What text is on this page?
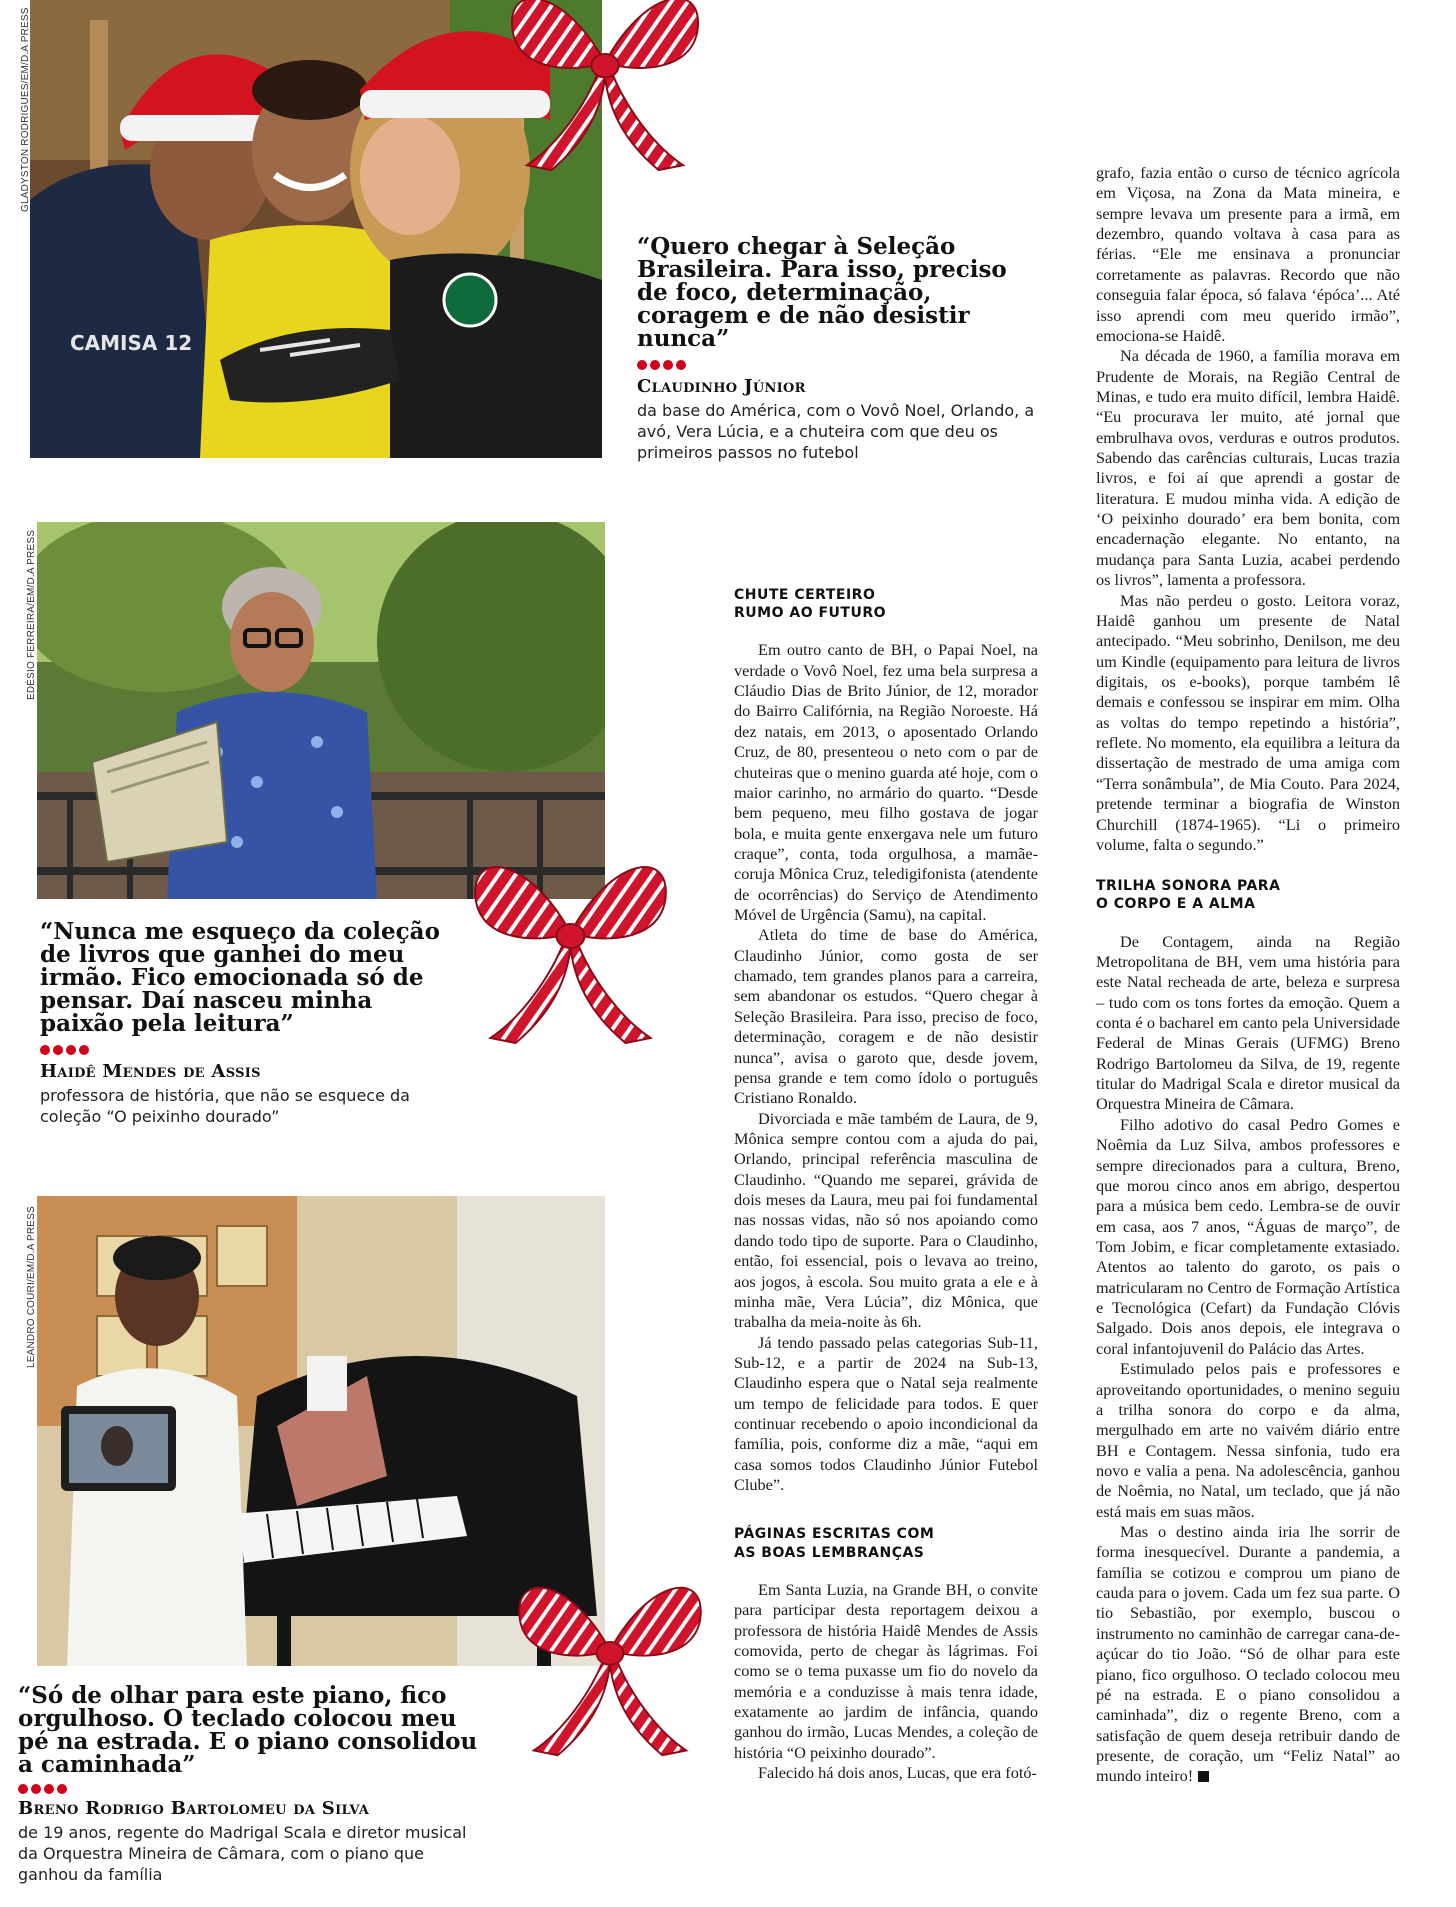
CAMISA 12
GLADYSTON RODRIGUES/EM/D.A PRESS
“Quero chegar à Seleção Brasileira. Para isso, preciso de foco, determinação, coragem e de não desistir nunca”
Claudinho Júnior
da base do América, com o Vovô Noel, Orlando, a avó, Vera Lúcia, e a chuteira com que deu os primeiros passos no futebol
EDÉSIO FERREIRA/EM/D.A PRESS
“Nunca me esqueço da coleção de livros que ganhei do meu irmão. Fico emocionada só de pensar. Daí nasceu minha paixão pela leitura”
Haidê Mendes de Assis
professora de história, que não se esquece da coleção “O peixinho dourado”
LEANDRO COURI/EM/D.A PRESS
“Só de olhar para este piano, fico orgulhoso. O teclado colocou meu pé na estrada. E o piano consolidou a caminhada”
Breno Rodrigo Bartolomeu da Silva
de 19 anos, regente do Madrigal Scala e diretor musical da Orquestra Mineira de Câmara, com o piano que ganhou da família
CHUTE CERTEIRO
RUMO AO FUTURO

Em outro canto de BH, o Papai Noel, na verdade o Vovô Noel, fez uma bela surpresa a Cláudio Dias de Brito Júnior, de 12, morador do Bairro Califórnia, na Região Noroeste. Há dez natais, em 2013, o aposentado Orlando Cruz, de 80, presenteou o neto com o par de chuteiras que o menino guarda até hoje, com o maior carinho, no armário do quarto. “Desde bem pequeno, meu filho gostava de jogar bola, e muita gente enxergava nele um futuro craque”, conta, toda orgulhosa, a mamãe-coruja Mônica Cruz, teledigifonista (atendente de ocorrências) do Serviço de Atendimento Móvel de Urgência (Samu), na capital.

Atleta do time de base do América, Claudinho Júnior, como gosta de ser chamado, tem grandes planos para a carreira, sem abandonar os estudos. “Quero chegar à Seleção Brasileira. Para isso, preciso de foco, determinação, coragem e de não desistir nunca”, avisa o garoto que, desde jovem, pensa grande e tem como ídolo o português Cristiano Ronaldo.

Divorciada e mãe também de Laura, de 9, Mônica sempre contou com a ajuda do pai, Orlando, principal referência masculina de Claudinho. “Quando me separei, grávida de dois meses da Laura, meu pai foi fundamental nas nossas vidas, não só nos apoiando como dando todo tipo de suporte. Para o Claudinho, então, foi essencial, pois o levava ao treino, aos jogos, à escola. Sou muito grata a ele e à minha mãe, Vera Lúcia”, diz Mônica, que trabalha da meia-noite às 6h.

Já tendo passado pelas categorias Sub-11, Sub-12, e a partir de 2024 na Sub-13, Claudinho espera que o Natal seja realmente um tempo de felicidade para todos. E quer continuar recebendo o apoio incondicional da família, pois, conforme diz a mãe, “aqui em casa somos todos Claudinho Júnior Futebol Clube”.

PÁGINAS ESCRITAS COM
AS BOAS LEMBRANÇAS

Em Santa Luzia, na Grande BH, o convite para participar desta reportagem deixou a professora de história Haidê Mendes de Assis comovida, perto de chegar às lágrimas. Foi como se o tema puxasse um fio do novelo da memória e a conduzisse à mais tenra idade, exatamente ao jardim de infância, quando ganhou do irmão, Lucas Mendes, a coleção de história “O peixinho dourado”.

Falecido há dois anos, Lucas, que era fotó-

grafo, fazia então o curso de técnico agrícola em Viçosa, na Zona da Mata mineira, e sempre levava um presente para a irmã, em dezembro, quando voltava à casa para as férias. “Ele me ensinava a pronunciar corretamente as palavras. Recordo que não conseguia falar época, só falava ‘épóca’... Até isso aprendi com meu querido irmão”, emociona-se Haidê.

Na década de 1960, a família morava em Prudente de Morais, na Região Central de Minas, e tudo era muito difícil, lembra Haidê. “Eu procurava ler muito, até jornal que embrulhava ovos, verduras e outros produtos. Sabendo das carências culturais, Lucas trazia livros, e foi aí que aprendi a gostar de literatura. E mudou minha vida. A edição de ‘O peixinho dourado’ era bem bonita, com encadernação elegante. No entanto, na mudança para Santa Luzia, acabei perdendo os livros”, lamenta a professora.

Mas não perdeu o gosto. Leitora voraz, Haidê ganhou um presente de Natal antecipado. “Meu sobrinho, Denilson, me deu um Kindle (equipamento para leitura de livros digitais, os e-books), porque também lê demais e confessou se inspirar em mim. Olha as voltas do tempo repetindo a história”, reflete. No momento, ela equilibra a leitura da dissertação de mestrado de uma amiga com “Terra sonâmbula”, de Mia Couto. Para 2024, pretende terminar a biografia de Winston Churchill (1874-1965). “Li o primeiro volume, falta o segundo.”

TRILHA SONORA PARA
O CORPO E A ALMA

De Contagem, ainda na Região Metropolitana de BH, vem uma história para este Natal recheada de arte, beleza e surpresa – tudo com os tons fortes da emoção. Quem a conta é o bacharel em canto pela Universidade Federal de Minas Gerais (UFMG) Breno Rodrigo Bartolomeu da Silva, de 19, regente titular do Madrigal Scala e diretor musical da Orquestra Mineira de Câmara.

Filho adotivo do casal Pedro Gomes e Noêmia da Luz Silva, ambos professores e sempre direcionados para a cultura, Breno, que morou cinco anos em abrigo, despertou para a música bem cedo. Lembra-se de ouvir em casa, aos 7 anos, “Águas de março”, de Tom Jobim, e ficar completamente extasiado. Atentos ao talento do garoto, os pais o matricularam no Centro de Formação Artística e Tecnológica (Cefart) da Fundação Clóvis Salgado. Dois anos depois, ele integrava o coral infantojuvenil do Palácio das Artes.

Estimulado pelos pais e professores e aproveitando oportunidades, o menino seguiu a trilha sonora do corpo e da alma, mergulhado em arte no vaivém diário entre BH e Contagem. Nessa sinfonia, tudo era novo e valia a pena. Na adolescência, ganhou de Noêmia, no Natal, um teclado, que já não está mais em suas mãos.

Mas o destino ainda iria lhe sorrir de forma inesquecível. Durante a pandemia, a família se cotizou e comprou um piano de cauda para o jovem. Cada um fez sua parte. O tio Sebastião, por exemplo, buscou o instrumento no caminhão de carregar cana-de-açúcar do tio João. “Só de olhar para este piano, fico orgulhoso. O teclado colocou meu pé na estrada. E o piano consolidou a caminhada”, diz o regente Breno, com a satisfação de quem deseja retribuir dando de presente, de coração, um “Feliz Natal” ao mundo inteiro!
